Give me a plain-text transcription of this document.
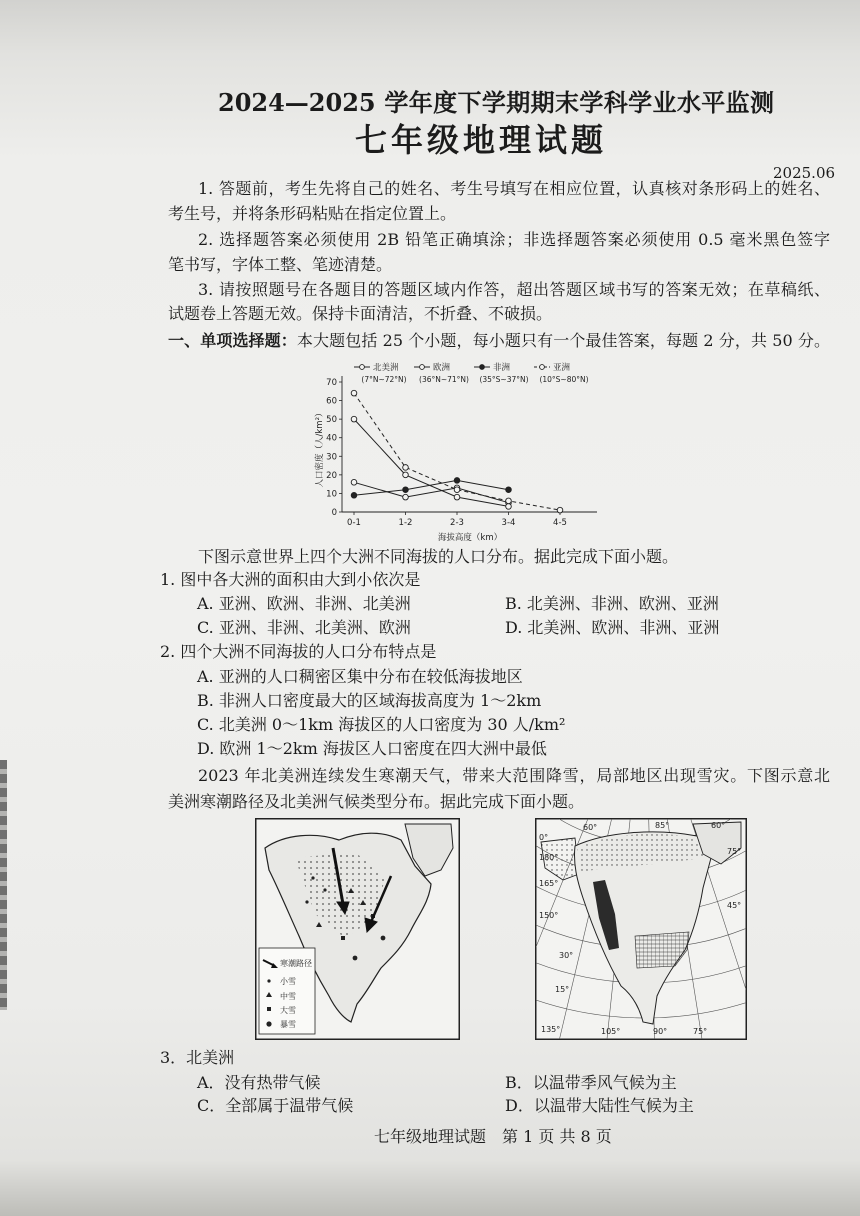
2024—2025 学年度下学期期末学科学业水平监测
七年级地理试题
2025.06
1. 答题前，考生先将自己的姓名、考生号填写在相应位置，认真核对条形码上的姓名、
考生号，并将条形码粘贴在指定位置上。
2. 选择题答案必须使用 2B 铅笔正确填涂；非选择题答案必须使用 0.5 毫米黑色签字
笔书写，字体工整、笔迹清楚。
3. 请按照题号在各题目的答题区域内作答，超出答题区域书写的答案无效；在草稿纸、
试题卷上答题无效。保持卡面清洁，不折叠、不破损。
一、单项选择题：本大题包括 25 个小题，每小题只有一个最佳答案，每题 2 分，共 50 分。
0
10
20
30
40
50
60
70
0-1	1-2	2-3	3-4	4-5
海拔高度（km）
人口密度（人/km²）
北美洲
(7°N~72°N)
欧洲
(36°N~71°N)
非洲
(35°S~37°N)
亚洲
(10°S~80°N)
下图示意世界上四个大洲不同海拔的人口分布。据此完成下面小题。
1. 图中各大洲的面积由大到小依次是
A. 亚洲、欧洲、非洲、北美洲	B. 北美洲、非洲、欧洲、亚洲
C. 亚洲、非洲、北美洲、欧洲	D. 北美洲、欧洲、非洲、亚洲
2. 四个大洲不同海拔的人口分布特点是
A. 亚洲的人口稠密区集中分布在较低海拔地区
B. 非洲人口密度最大的区域海拔高度为 1～2km
C. 北美洲 0～1km 海拔区的人口密度为 30 人/km²
D. 欧洲 1～2km 海拔区人口密度在四大洲中最低
2023 年北美洲连续发生寒潮天气，带来大范围降雪，局部地区出现雪灾。下图示意北
美洲寒潮路径及北美洲气候类型分布。据此完成下面小题。
寒潮路径
小雪
中雪
大雪
暴雪
60°	85°	60°
0°
180°
165°
150°
135°
75°
45°
30°
15°
105°	90°	75°
3．北美洲
A．没有热带气候	B．以温带季风气候为主
C．全部属于温带气候	D．以温带大陆性气候为主
七年级地理试题　第 1 页 共 8 页
